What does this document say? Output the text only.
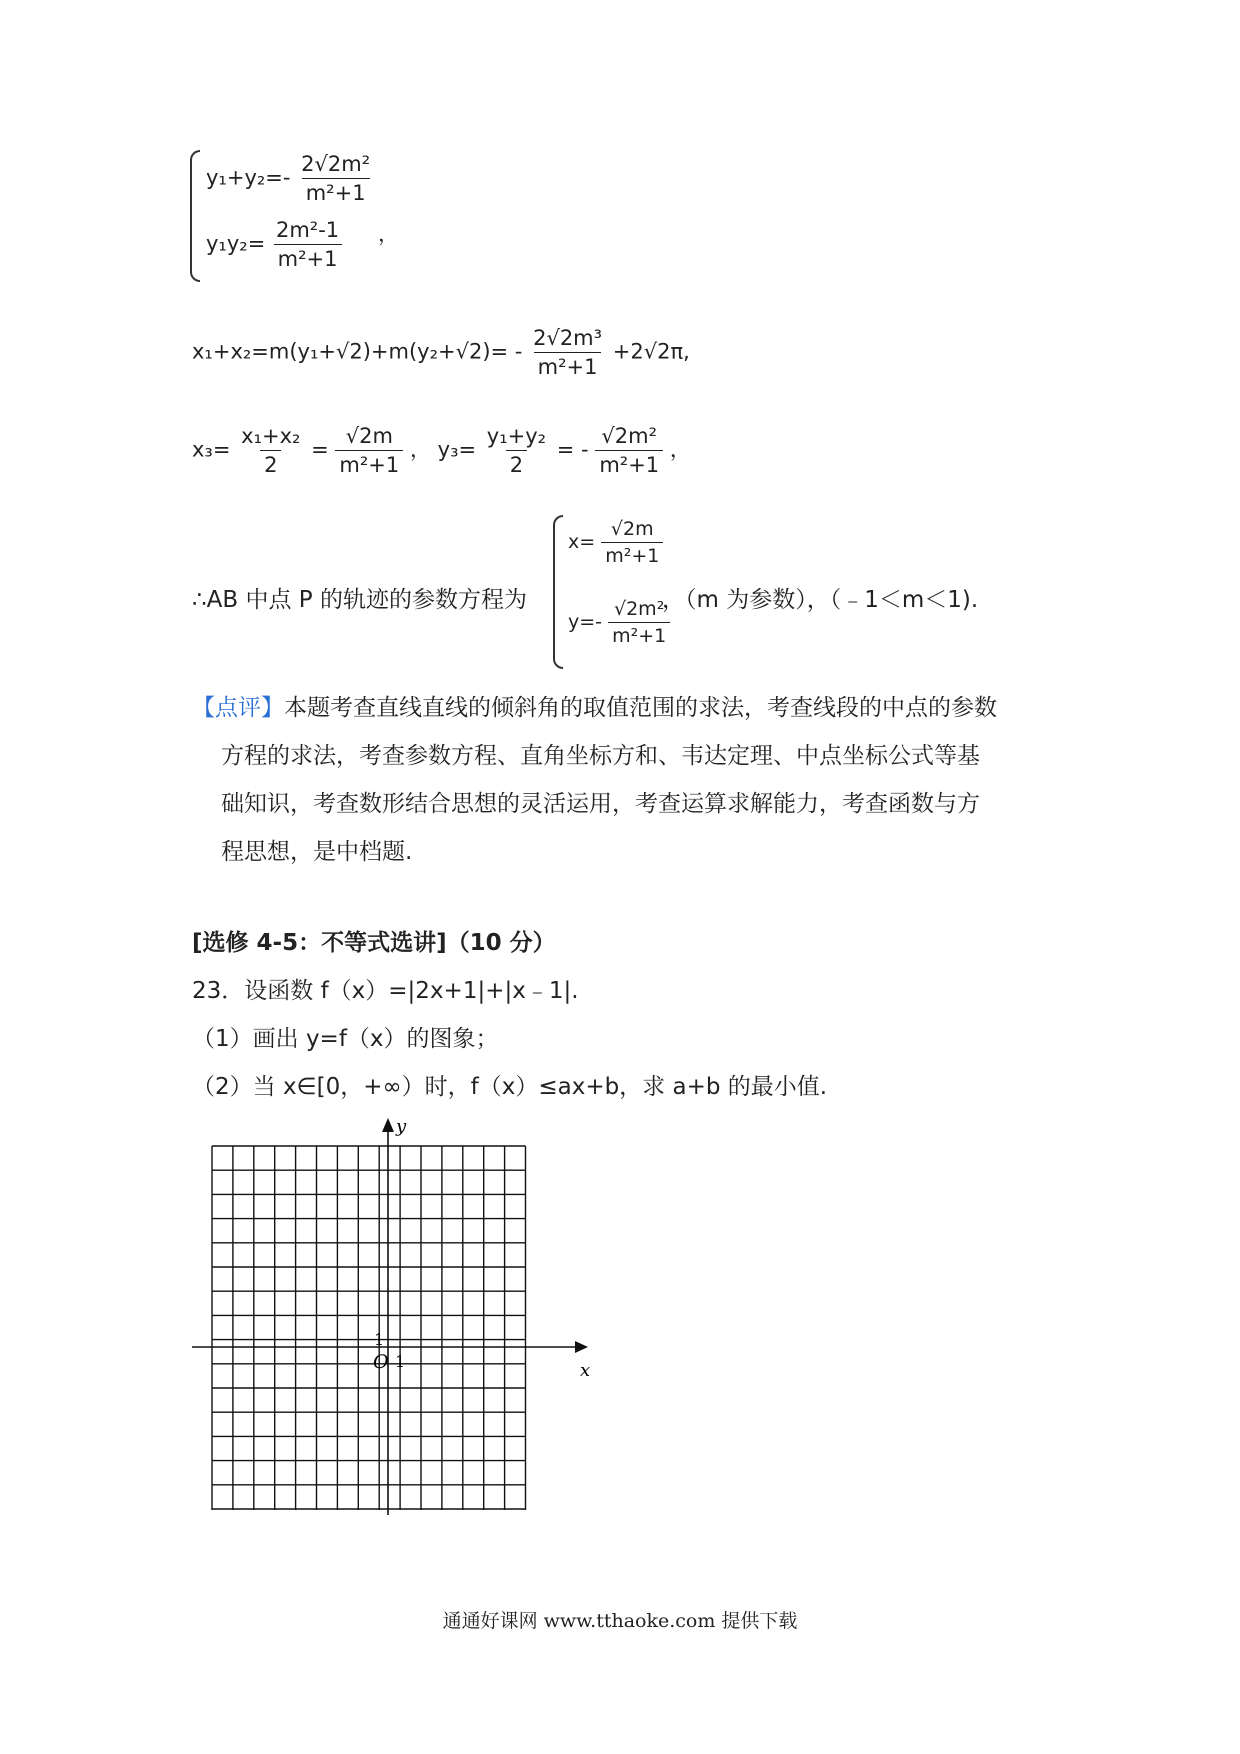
$y_1+y_2=- \frac{\text{2√2m²}}{\text{m²+1}}$
，
$y_1y_2= \frac{\text{2m²-1}}{\text{m²+1}}$
$x_1+x_2=m(y_1+√2)+m(y_2+√2)= - \frac{\text{2√2m³}}{\text{m²+1}} +2√2\pi$,
$x_3= \frac{\text{x₁+x₂}}{2} = \frac{√2m}{\text{m²+1}}$ ， $y_3= \frac{\text{y₁+y₂}}{2}$ = - $\frac{\text{√2m²}}{\text{m²+1}}$ ，
∴AB 中点 P 的轨迹的参数方程为
$x= \frac{√2m}{\text{m²+1}}$
$y=- \frac{\text{√2m²}}{\text{m²+1}}$
，（m 为参数），（﹣1＜m＜1).
【点评】本题考查直线直线的倾斜角的取值范围的求法，考查线段的中点的参数
方程的求法，考查参数方程、直角坐标方和、韦达定理、中点坐标公式等基
础知识，考查数形结合思想的灵活运用，考查运算求解能力，考查函数与方
程思想，是中档题.
[选修 4-5：不等式选讲]（10 分）
23．设函数 f（x）=|2x+1|+|x﹣1|.
（1）画出 y=f（x）的图象；
（2）当 x∈[0，+∞）时，f（x）≤ax+b，求 a+b 的最小值.
y
x
O 1
1
通通好课网 www.tthaoke.com 提供下载
